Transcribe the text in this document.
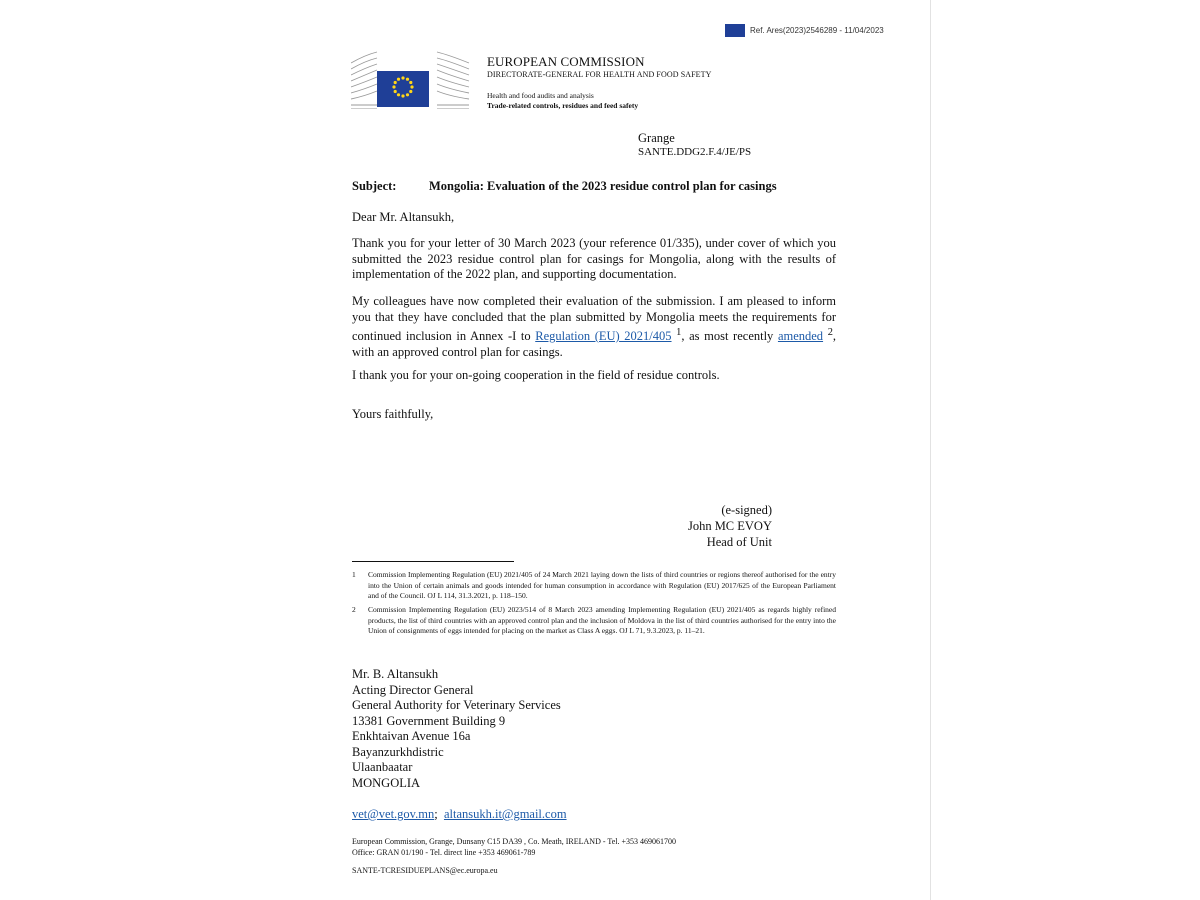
Ref. Ares(2023)2546289 - 11/04/2023
EUROPEAN COMMISSION
DIRECTORATE-GENERAL FOR HEALTH AND FOOD SAFETY
Health and food audits and analysis
Trade-related controls, residues and feed safety
Grange
SANTE.DDG2.F.4/JE/PS
Subject:	Mongolia: Evaluation of the 2023 residue control plan for casings
Dear Mr. Altansukh,
Thank you for your letter of 30 March 2023 (your reference 01/335), under cover of which you submitted the 2023 residue control plan for casings for Mongolia, along with the results of implementation of the 2022 plan, and supporting documentation.
My colleagues have now completed their evaluation of the submission. I am pleased to inform you that they have concluded that the plan submitted by Mongolia meets the requirements for continued inclusion in Annex -I to Regulation (EU) 2021/405 $^1$, as most recently amended $^2$, with an approved control plan for casings.
I thank you for your on-going cooperation in the field of residue controls.
Yours faithfully,
(e-signed)
John MC EVOY
Head of Unit
1 Commission Implementing Regulation (EU) 2021/405 of 24 March 2021 laying down the lists of third countries or regions thereof authorised for the entry into the Union of certain animals and goods intended for human consumption in accordance with Regulation (EU) 2017/625 of the European Parliament and of the Council. OJ L 114, 31.3.2021, p. 118–150.
2 Commission Implementing Regulation (EU) 2023/514 of 8 March 2023 amending Implementing Regulation (EU) 2021/405 as regards highly refined products, the list of third countries with an approved control plan and the inclusion of Moldova in the list of third countries authorised for the entry into the Union of consignments of eggs intended for placing on the market as Class A eggs. OJ L 71, 9.3.2023, p. 11–21.
Mr. B. Altansukh
Acting Director General
General Authority for Veterinary Services
13381 Government Building 9
Enkhtaivan Avenue 16a
Bayanzurkhdistric
Ulaanbaatar
MONGOLIA
vet@vet.gov.mn; altansukh.it@gmail.com
European Commission, Grange, Dunsany C15 DA39 , Co. Meath, IRELAND - Tel. +353 469061700
Office: GRAN 01/190 - Tel. direct line +353 469061-789
SANTE-TCRESIDUEPLANS@ec.europa.eu
